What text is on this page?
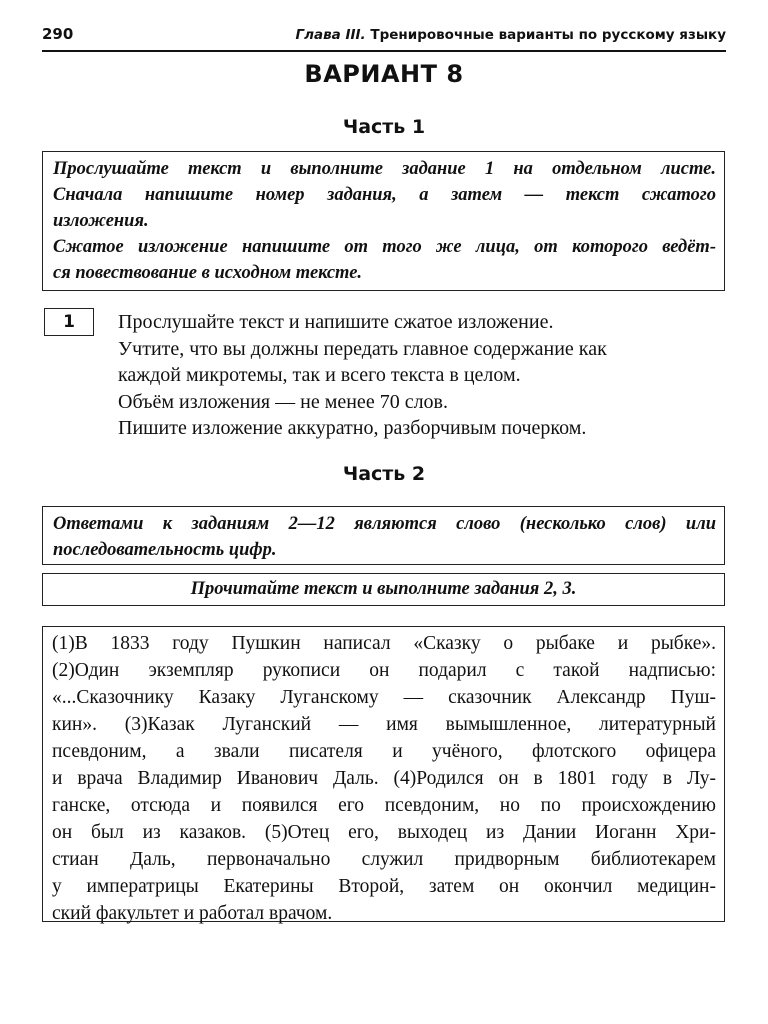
290	Глава III. Тренировочные варианты по русскому языку
ВАРИАНТ 8
Часть 1
Прослушайте текст и выполните задание 1 на отдельном листе.
Сначала напишите номер задания, а затем — текст сжатого

изложения.

Сжатое изложение напишите от того же лица, от которого ведёт-

ся повествование в исходном тексте.

1	Прослушайте текст и напишите сжатое изложение.
Учтите, что вы должны передать главное содержание как
каждой микротемы, так и всего текста в целом.
Объём изложения — не менее 70 слов.
Пишите изложение аккуратно, разборчивым почерком.
Часть 2
Ответами к заданиям 2—12 являются слово (несколько слов) или

последовательность цифр.

Прочитайте текст и выполните задания 2, 3.
(1)В 1833 году Пушкин написал «Сказку о рыбаке и рыбке».
(2)Один экземпляр рукописи он подарил с такой надписью:
«...Сказочнику Казаку Луганскому — сказочник Александр Пуш-
кин». (3)Казак Луганский — имя вымышленное, литературный
псевдоним, а звали писателя и учёного, флотского офицера
и врача Владимир Иванович Даль. (4)Родился он в 1801 году в Лу-
ганске, отсюда и появился его псевдоним, но по происхождению
он был из казаков. (5)Отец его, выходец из Дании Иоганн Хри-
стиан Даль, первоначально служил придворным библиотекарем
у императрицы Екатерины Второй, затем он окончил медицин-
ский факультет и работал врачом.
